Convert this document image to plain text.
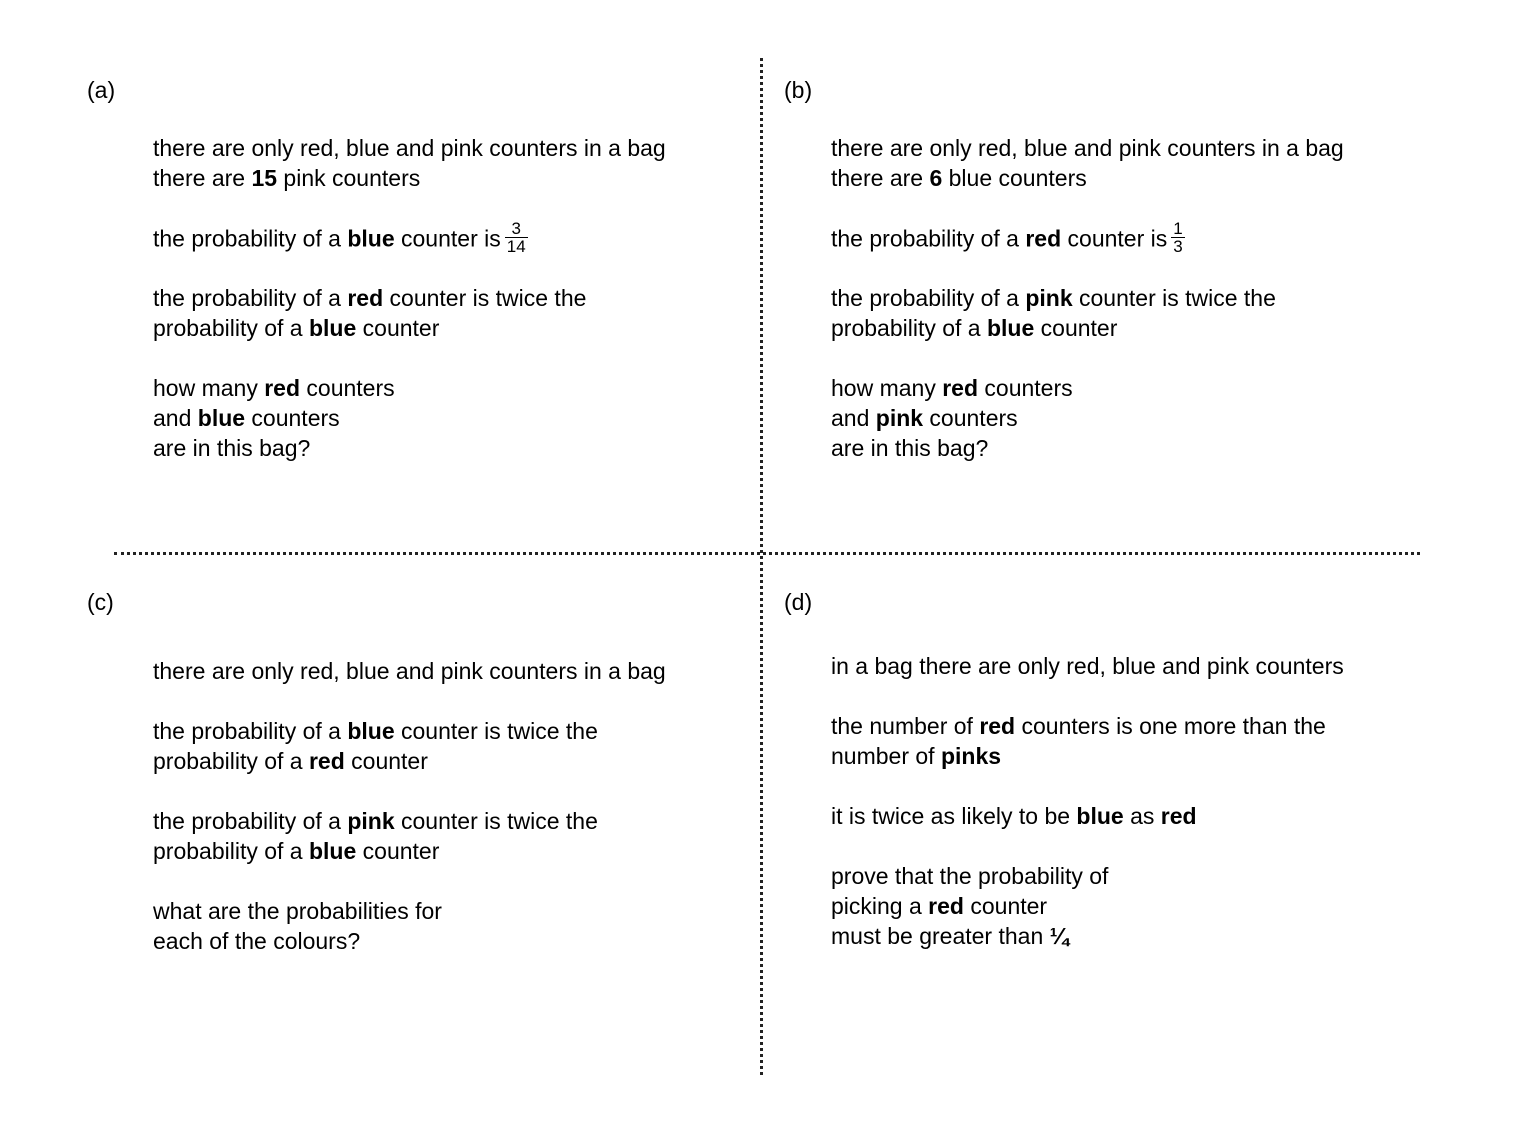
(a)
there are only red, blue and pink counters in a bag
there are 15 pink counters
the probability of a blue counter is $\frac{3}{14}$
the probability of a red counter is twice the
probability of a blue counter
how many red counters
and blue counters
are in this bag?
(b)
there are only red, blue and pink counters in a bag
there are 6 blue counters
the probability of a red counter is $\frac{1}{3}$
the probability of a pink counter is twice the
probability of a blue counter
how many red counters
and pink counters
are in this bag?
(c)
there are only red, blue and pink counters in a bag
the probability of a blue counter is twice the
probability of a red counter
the probability of a pink counter is twice the
probability of a blue counter
what are the probabilities for
each of the colours?
(d)
in a bag there are only red, blue and pink counters
the number of red counters is one more than the
number of pinks
it is twice as likely to be blue as red
prove that the probability of
picking a red counter
must be greater than ¼
